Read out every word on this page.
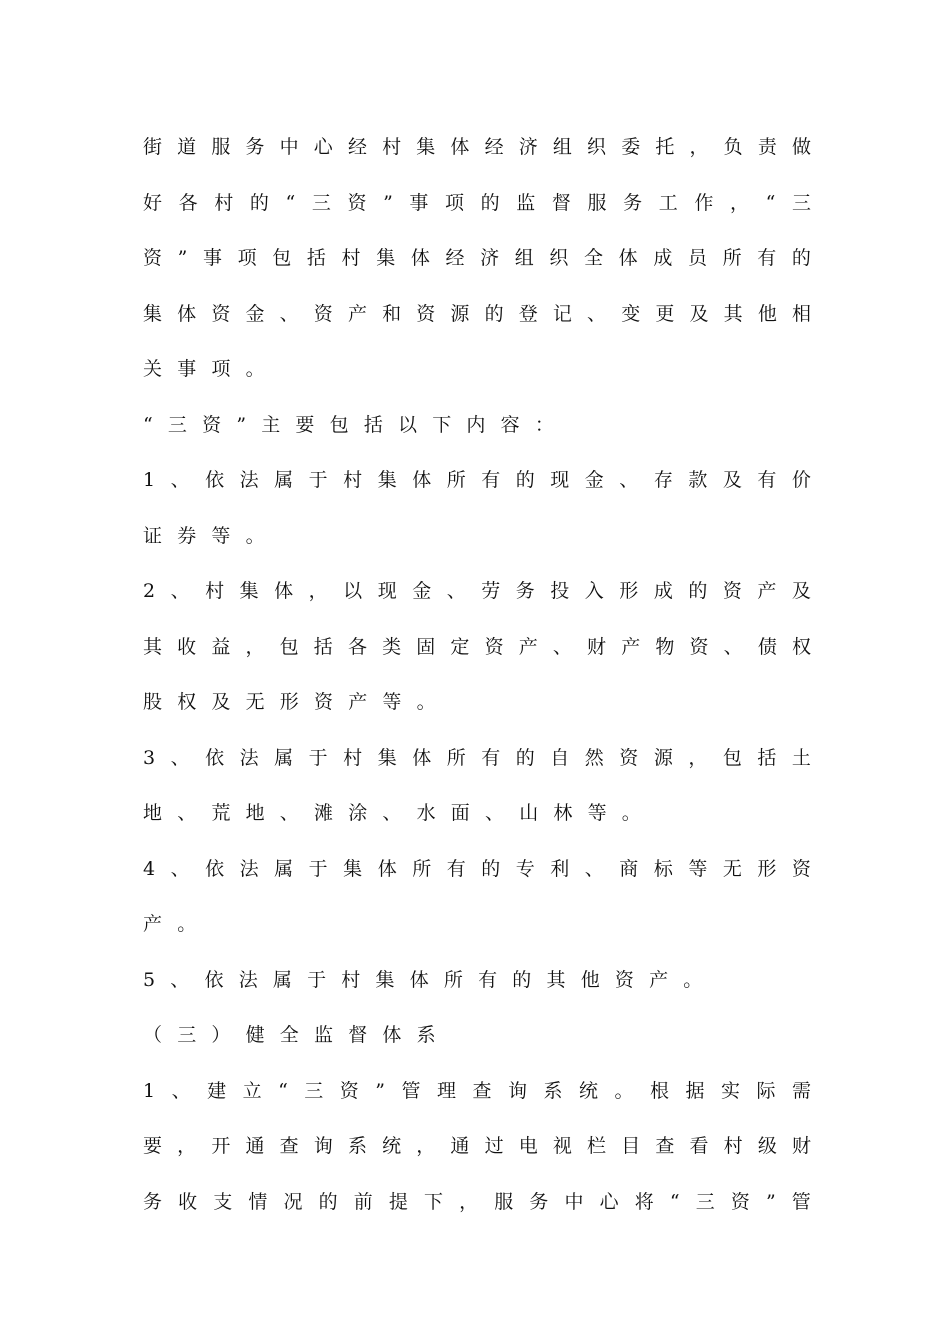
街 道 服 务 中 心 经 村 集 体 经 济 组 织 委 托 ， 负 责 做
好 各 村 的 “ 三 资 ” 事 项 的 监 督 服 务 工 作 ， “ 三
资 ” 事 项 包 括 村 集 体 经 济 组 织 全 体 成 员 所 有 的
集 体 资 金 、 资 产 和 资 源 的 登 记 、 变 更 及 其 他 相
关事项。
“三资”主要包括以下内容：
1 、 依 法 属 于 村 集 体 所 有 的 现 金 、 存 款 及 有 价
证券等。
2 、 村 集 体 ， 以 现 金 、 劳 务 投 入 形 成 的 资 产 及
其 收 益 ， 包 括 各 类 固 定 资 产 、 财 产 物 资 、 债 权
股权及无形资产等。
3 、 依 法 属 于 村 集 体 所 有 的 自 然 资 源 ， 包 括 土
地、荒地、滩涂、水面、山林等。
4 、 依 法 属 于 集 体 所 有 的 专 利 、 商 标 等 无 形 资
产。
5、依法属于村集体所有的其他资产。
（三）健全监督体系
1 、 建 立 “ 三 资 ” 管 理 查 询 系 统 。 根 据 实 际 需
要 ， 开 通 查 询 系 统 ， 通 过 电 视 栏 目 查 看 村 级 财
务 收 支 情 况 的 前 提 下 ， 服 务 中 心 将 “ 三 资 ” 管
